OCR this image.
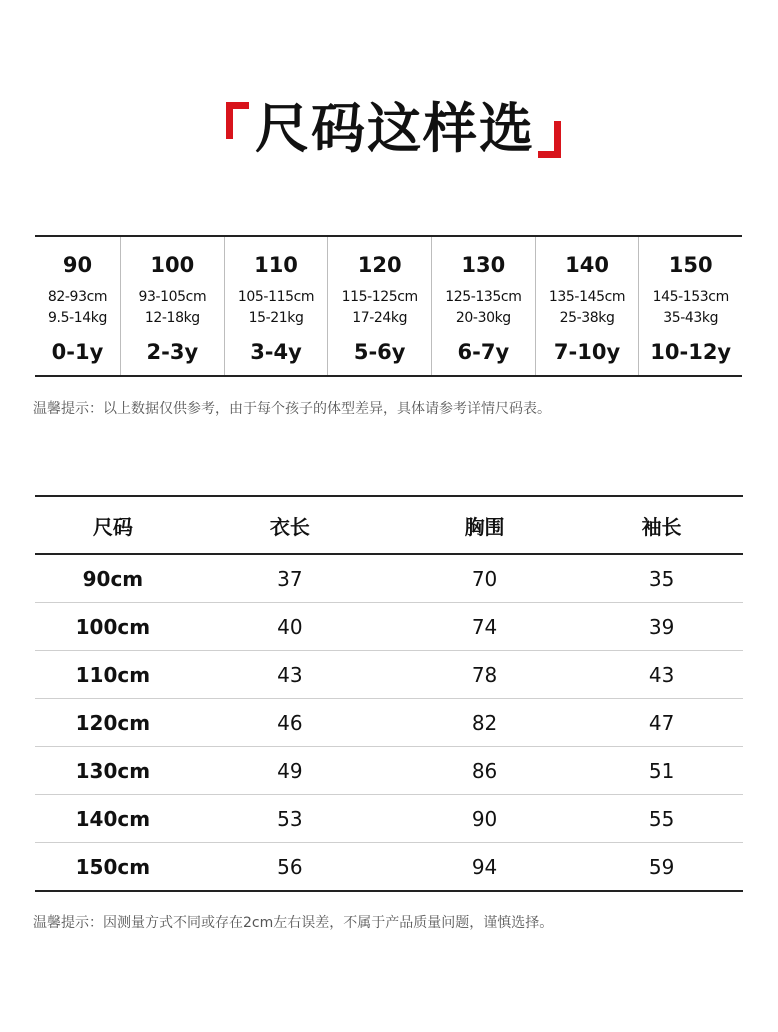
尺码这样选
90
82-93cm
9.5-14kg
0-1y
100
93-105cm
12-18kg
2-3y
110
105-115cm
15-21kg
3-4y
120
115-125cm
17-24kg
5-6y
130
125-135cm
20-30kg
6-7y
140
135-145cm
25-38kg
7-10y
150
145-153cm
35-43kg
10-12y
温馨提示：以上数据仅供参考，由于每个孩子的体型差异，具体请参考详情尺码表。
尺码	衣长	胸围	袖长
90cm	37	70	35
100cm	40	74	39
110cm	43	78	43
120cm	46	82	47
130cm	49	86	51
140cm	53	90	55
150cm	56	94	59
温馨提示：因测量方式不同或存在2cm左右误差，不属于产品质量问题，谨慎选择。
